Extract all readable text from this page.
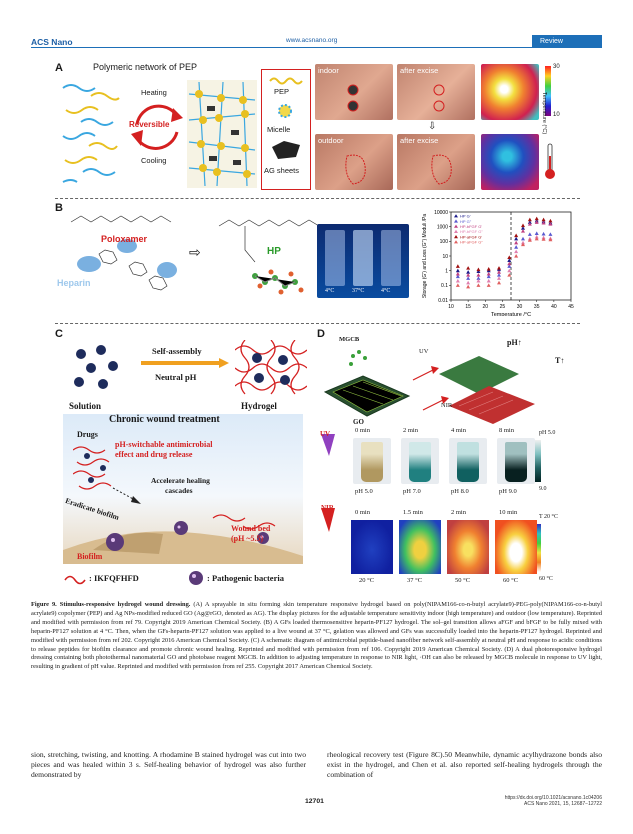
ACS Nano	www.acsnano.org	Review
A	Polymeric network of PEP
Heating
Reversible
Cooling
PEP
Micelle
AG sheets
indoor	after excise	30
10
Temperature (°C)
⇩
outdoor	after excise
B
Poloxamer
Heparin
⇨	HP
4°C	37°C	4°C
10 15 20 25 30 35 40 45
0.01
0.1
1
10
100
1000
10000
Temperature /°C
Storage (G') and Loss (G'') Moduli /Pa	HP G'
HP G''
HP-bFGF G'
HP-bFGF G''
HP-aFGF G'
HP-aFGF G''
C
Self-assembly
Neutral pH
Solution	Hydrogel
Chronic wound treatment
Drugs
pH-switchable antimicrobial
effect and drug release
Accelerate healing
cascades
Eradicate biofilm
Wound bed
(pH ~5.5)
Biofilm
: IKFQFHFD	: Pathogenic bacteria
D MGCB
GO
UV
pH↑
T↑
NIR
UV	pH 5.0
9.0
NIR
T 20 °C
60 °C
0 min
pH 5.0
0 min
20 °C
2 min
pH 7.0
1.5 min
37 °C
4 min
pH 8.0
2 min
50 °C
8 min
pH 9.0
10 min
60 °C
Figure 9. Stimulus-responsive hydrogel wound dressing. (A) A sprayable in situ forming skin temperature responsive hydrogel based on poly(NIPAM166-co-n-butyl acrylate9)-PEG-poly(NIPAM166-co-n-butyl acrylate9) copolymer (PEP) and Ag NPs-modified reduced GO (Ag@rGO, denoted as AG). The display pictures for the adjustable temperature sensitivity indoor (high temperature) and outdoor (low temperature). Reprinted and modified with permission from ref 79. Copyright 2019 American Chemical Society. (B) A GFs loaded thermosensitive heparin-PF127 hydrogel. The sol–gel transition allows aFGF and bFGF to be fully mixed with heparin-PF127 solution at 4 °C. Then, when the GFs-heparin-PF127 solution was applied to a live wound at 37 °C, gelation was allowed and GFs was successfully loaded into the heparin-PF127 hydrogel. Reprinted and modified with permission from ref 202. Copyright 2016 American Chemical Society. (C) A schematic diagram of antimicrobial peptide-based nanofiber network self-assembly at neutral pH and response to acidic conditions to release peptides for biofilm clearance and promote chronic wound healing. Reprinted and modified with permission from ref 106. Copyright 2019 American Chemical Society. (D) A dual photoresponsive hydrogel dressing containing both photothermal nanomaterial GO and photobase reagent MGCB. In addition to adjusting temperature in response to NIR light, ·OH can also be released by MGCB molecule in response to UV light, resulting in gradient of pH value. Reprinted and modified with permission from ref 255. Copyright 2017 American Chemical Society.
sion, stretching, twisting, and knotting. A rhodamine B stained hydrogel was cut into two pieces and was healed within 3 s. Self-healing behavior of hydrogel was also further demonstrated by
rheological recovery test (Figure 8C).50 Meanwhile, dynamic acylhydrazone bonds also exist in the hydrogel, and Chen et al. also reported self-healing hydrogels through the combination of
12701	https://dx.doi.org/10.1021/acsnano.1c04206
ACS Nano 2021, 15, 12687−12722
